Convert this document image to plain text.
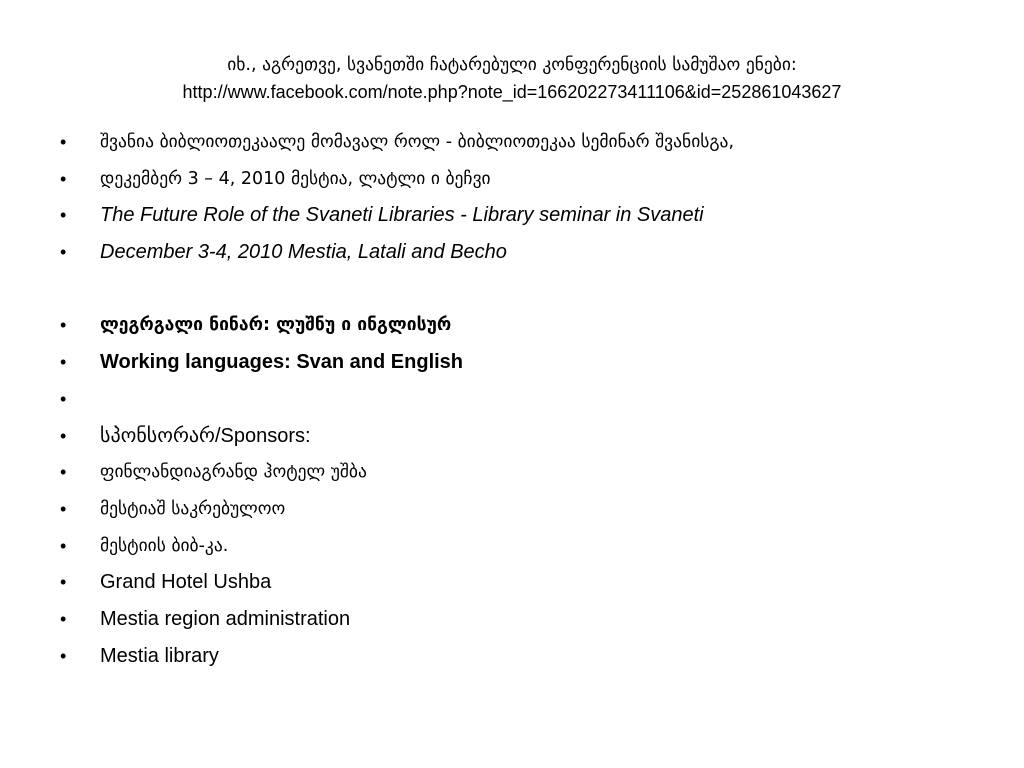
იხ., აგრეთვე, სვანეთში ჩატარებული კონფერენციის სამუშაო ენები:
http://www.facebook.com/note.php?note_id=166202273411106&id=252861043627
• შვანია ბიბლიოთეკაალე მომავალ როლ - ბიბლიოთეკაა სემინარ შვანისგა,
• დეკემბერ 3 – 4, 2010 მესტია, ლატლი ი ბეჩვი
• The Future Role of the Svaneti Libraries - Library seminar in Svaneti
• December 3-4, 2010 Mestia, Latali and Becho
• ლეგრგალი ნინარ: ლუშნუ ი ინგლისურ
• Working languages: Svan and English
•
• სპონსორარ/Sponsors:
• ფინლანდიაგრანდ ჰოტელ უშბა
• მესტიაშ საკრებულოო
• მესტიის ბიბ-კა.
• Grand Hotel Ushba
• Mestia region administration
• Mestia library
